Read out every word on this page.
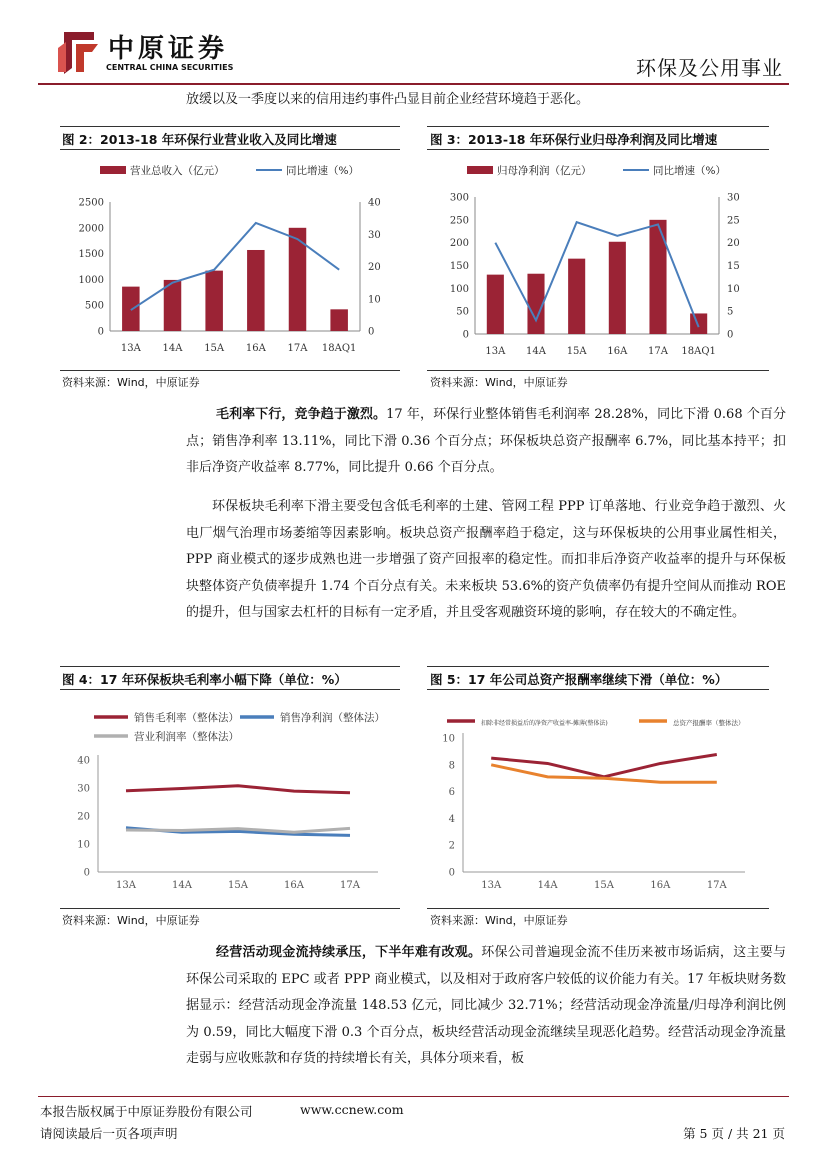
中原证券
CENTRAL CHINA SECURITIES	环保及公用事业
放缓以及一季度以来的信用违约事件凸显目前企业经营环境趋于恶化。
图 2：2013-18 年环保行业营业收入及同比增速
营业总收入（亿元）	同比增速（%）
2500
2000
1500
1000
500
0
40
30
20
10
0
13A 14A 15A 16A 17A 18AQ1
资料来源：Wind，中原证券
图 3：2013-18 年环保行业归母净利润及同比增速
归母净利润（亿元）	同比增速（%）
300
250
200
150
100
50
0
30
25
20
15
10
5
0
13A 14A 15A 16A 17A 18AQ1
资料来源：Wind，中原证券
毛利率下行，竞争趋于激烈。17 年，环保行业整体销售毛利润率 28.28%，同比下滑 0.68 个百分点；销售净利率 13.11%，同比下滑 0.36 个百分点；环保板块总资产报酬率 6.7%，同比基本持平；扣非后净资产收益率 8.77%，同比提升 0.66 个百分点。
环保板块毛利率下滑主要受包含低毛利率的土建、管网工程 PPP 订单落地、行业竞争趋于激烈、火电厂烟气治理市场萎缩等因素影响。板块总资产报酬率趋于稳定，这与环保板块的公用事业属性相关，PPP 商业模式的逐步成熟也进一步增强了资产回报率的稳定性。而扣非后净资产收益率的提升与环保板块整体资产负债率提升 1.74 个百分点有关。未来板块 53.6%的资产负债率仍有提升空间从而推动 ROE 的提升，但与国家去杠杆的目标有一定矛盾，并且受客观融资环境的影响，存在较大的不确定性。
图 4：17 年环保板块毛利率小幅下降（单位：%）
销售毛利率（整体法）	销售净利润（整体法）
营业利润率（整体法）
40
30
20
10
0
13A	14A	15A	16A	17A
资料来源：Wind，中原证券
图 5：17 年公司总资产报酬率继续下滑（单位：%）
扣除非经常损益后的净资产收益率-摊薄(整体法)	总资产报酬率（整体法）
10
8
6
4
2
0
13A	14A	15A	16A	17A
资料来源：Wind，中原证券
经营活动现金流持续承压，下半年难有改观。环保公司普遍现金流不佳历来被市场诟病，这主要与环保公司采取的 EPC 或者 PPP 商业模式，以及相对于政府客户较低的议价能力有关。17 年板块财务数据显示：经营活动现金净流量 148.53 亿元，同比减少 32.71%；经营活动现金净流量/归母净利润比例为 0.59，同比大幅度下滑 0.3 个百分点，板块经营活动现金流继续呈现恶化趋势。经营活动现金净流量走弱与应收账款和存货的持续增长有关，具体分项来看，板
本报告版权属于中原证券股份有限公司	www.ccnew.com
请阅读最后一页各项声明	第 5 页 / 共 21 页
